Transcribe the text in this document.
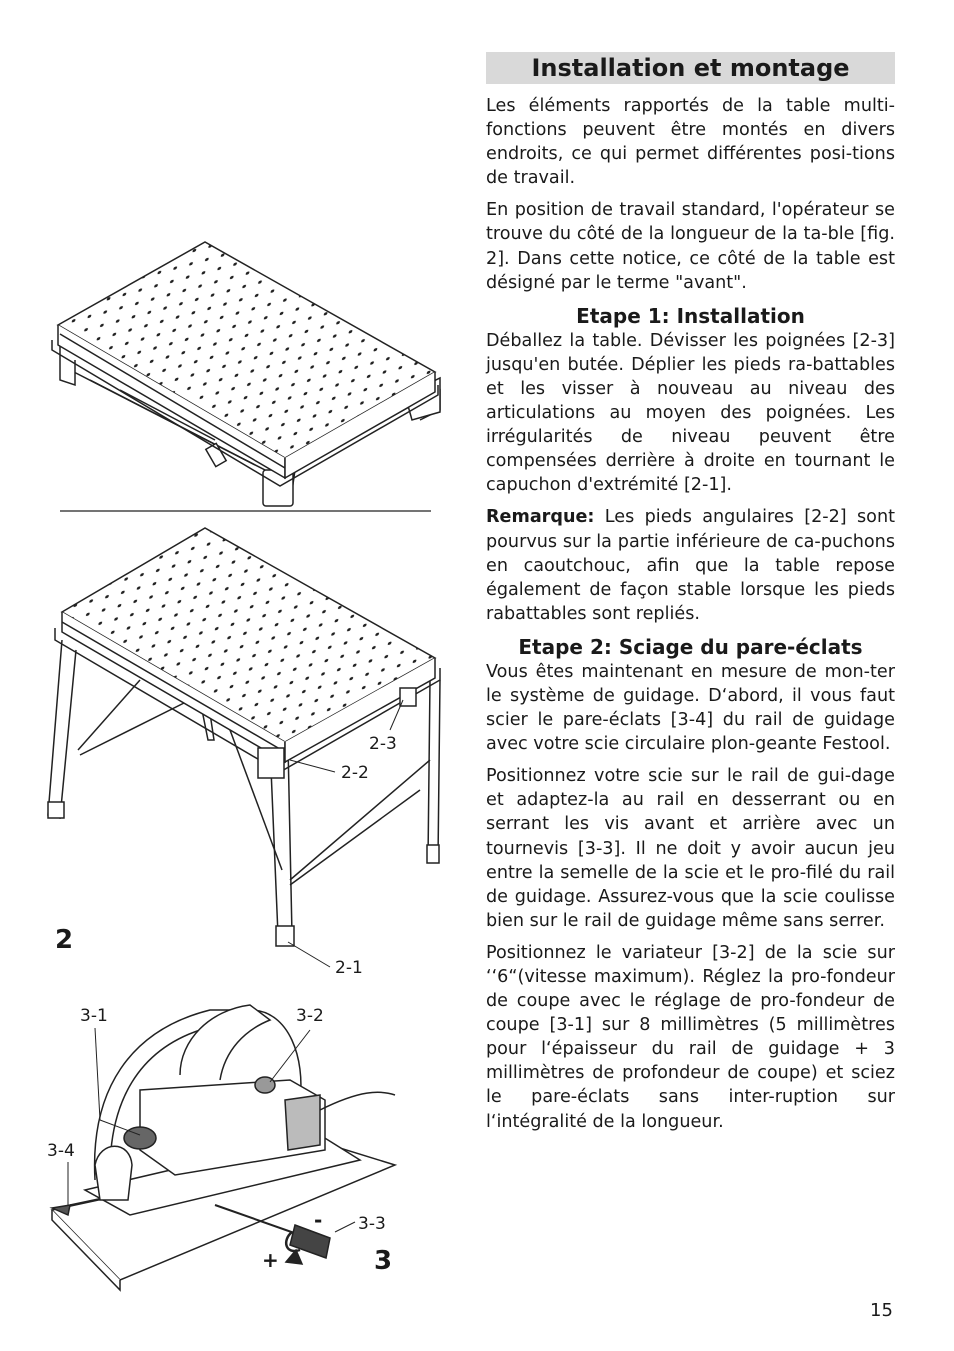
2-3
2-2
2-1
2
3-1	3-2
3-4
3-3
+
-
3
Installation et montage

Les éléments rapportés de la table multi-fonctions peuvent être montés en divers endroits, ce qui permet différentes posi-tions de travail.

En position de travail standard, l'opérateur se trouve du côté de la longueur de la ta-ble [fig. 2]. Dans cette notice, ce côté de la table est désigné par le terme "avant".

Etape 1: Installation

Déballez la table. Dévisser les poignées [2-3] jusqu'en butée. Déplier les pieds ra-battables et les visser à nouveau au niveau des articulations au moyen des poignées. Les irrégularités de niveau peuvent être compensées derrière à droite en tournant le capuchon d'extrémité [2-1].

Remarque: Les pieds angulaires [2-2] sont pourvus sur la partie inférieure de ca-puchons en caoutchouc, afin que la table repose également de façon stable lorsque les pieds rabattables sont repliés.

Etape 2: Sciage du pare-éclats

Vous êtes maintenant en mesure de mon-ter le système de guidage. D‘abord, il vous faut scier le pare-éclats [3-4] du rail de guidage avec votre scie circulaire plon-geante Festool.

Positionnez votre scie sur le rail de gui-dage et adaptez-la au rail en desserrant ou en serrant les vis avant et arrière avec un tournevis [3-3]. Il ne doit y avoir aucun jeu entre la semelle de la scie et le pro-filé du rail de guidage. Assurez-vous que la scie coulisse bien sur le rail de guidage même sans serrer.

Positionnez le variateur [3-2] de la scie sur ‘‘6“(vitesse maximum). Réglez la pro-fondeur de coupe avec le réglage de pro-fondeur de coupe [3-1] sur 8 millimètres (5 millimètres pour l‘épaisseur du rail de guidage + 3 millimètres de profondeur de coupe) et sciez le pare-éclats sans inter-ruption sur l‘intégralité de la longueur.

15
